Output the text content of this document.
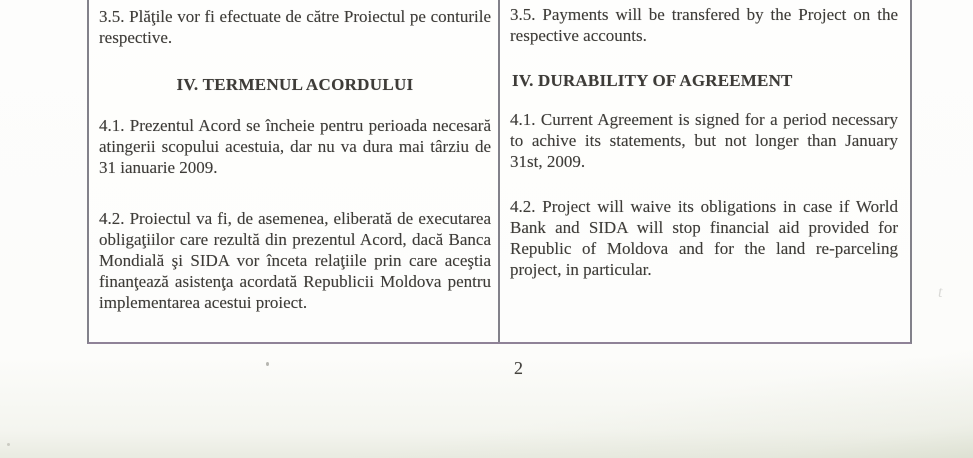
3.5. Plăţile vor fi efectuate de către Proiectul pe conturile respective.

IV. TERMENUL ACORDULUI

4.1. Prezentul Acord se încheie pentru perioada necesară atingerii scopului acestuia, dar nu va dura mai târziu de 31 ianuarie 2009.

4.2. Proiectul va fi, de asemenea, eliberată de executarea obligaţiilor care rezultă din prezentul Acord, dacă Banca Mondială şi SIDA vor înceta relaţiile prin care aceştia finanţează asistenţa acordată Republicii Moldova pentru implementarea acestui proiect.

3.5. Payments will be transfered by the Project on the respective accounts.

IV. DURABILITY OF AGREEMENT

4.1. Current Agreement is signed for a period necessary to achive its statements, but not longer than January 31st, 2009.

4.2. Project will waive its obligations in case if World Bank and SIDA will stop financial aid provided for Republic of Moldova and for the land re-parceling project, in particular.

2
t
